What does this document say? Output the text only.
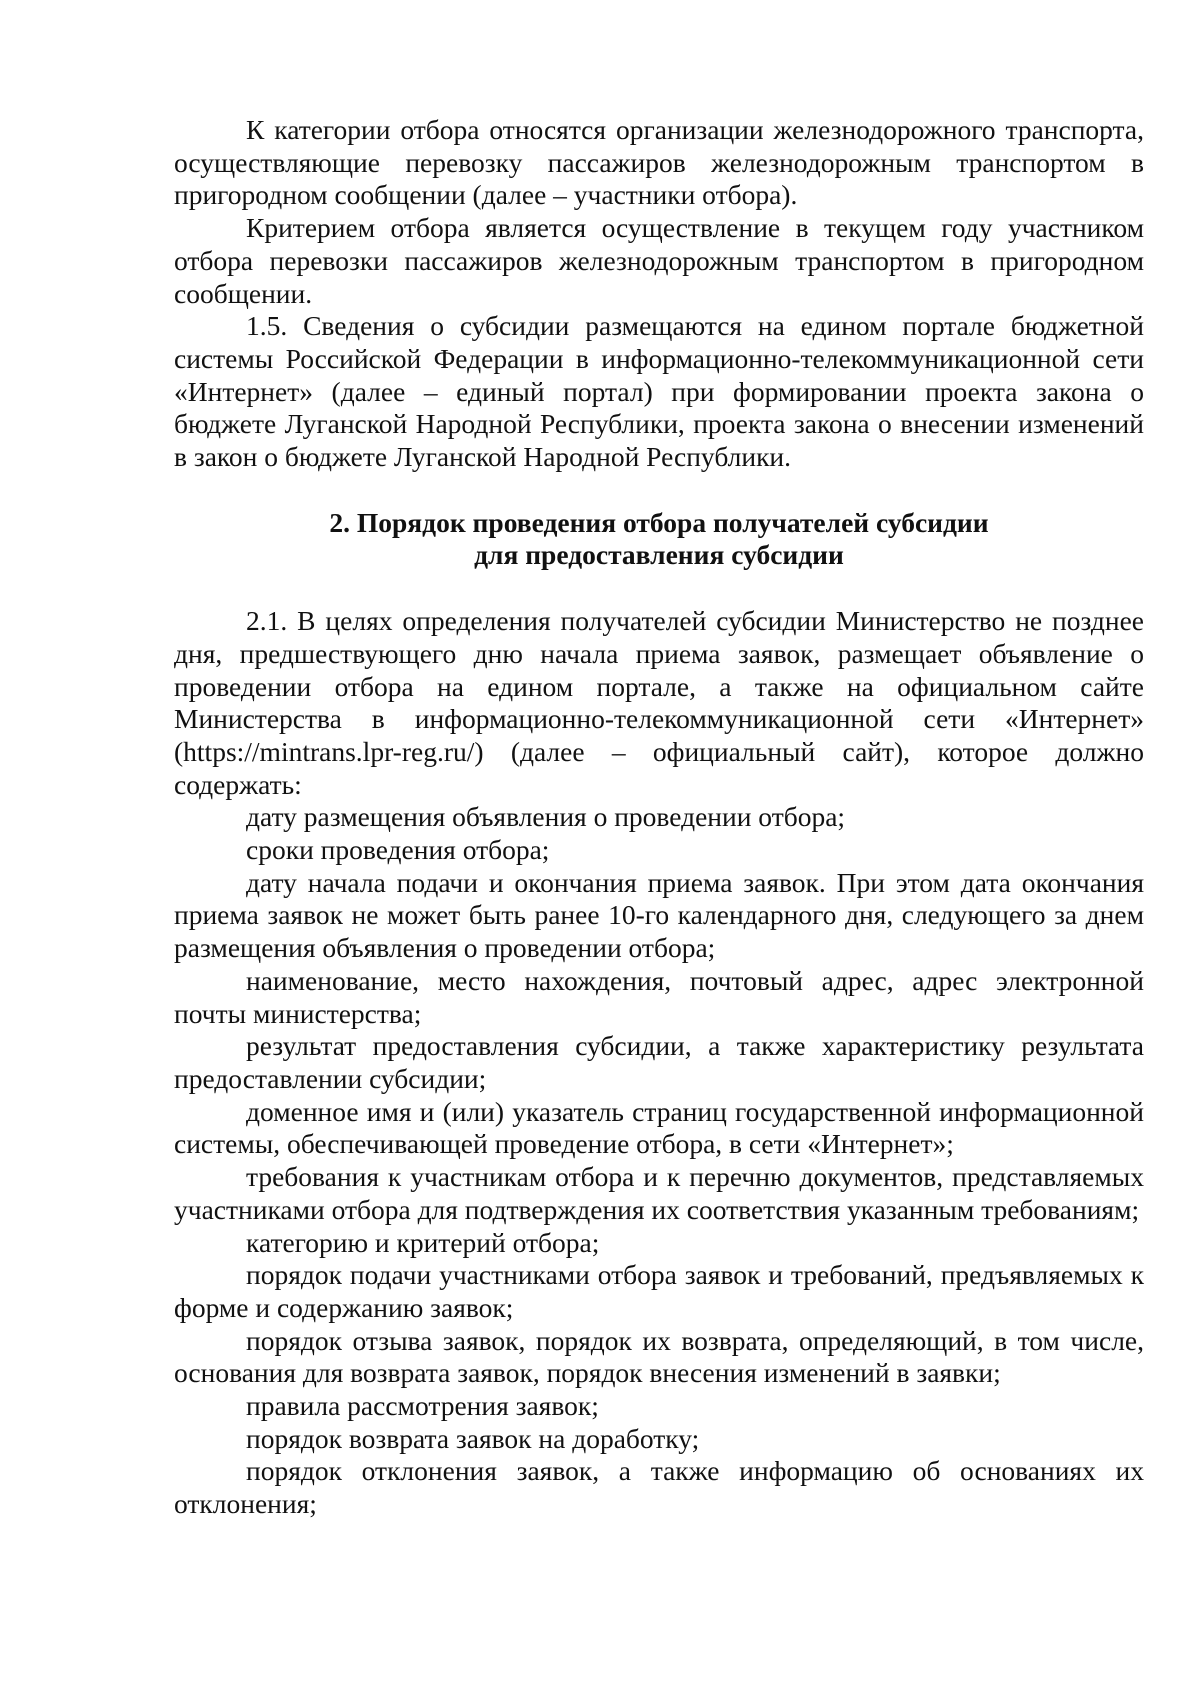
К категории отбора относятся организации железнодорожного транспорта, осуществляющие перевозку пассажиров железнодорожным транспортом в пригородном сообщении (далее – участники отбора).

Критерием отбора является осуществление в текущем году участником отбора перевозки пассажиров железнодорожным транспортом в пригородном сообщении.

1.5. Сведения о субсидии размещаются на едином портале бюджетной системы Российской Федерации в информационно-телекоммуникационной сети «Интернет» (далее – единый портал) при формировании проекта закона о бюджете Луганской Народной Республики, проекта закона о внесении изменений в закон о бюджете Луганской Народной Республики.

2. Порядок проведения отбора получателей субсидии
для предоставления субсидии

2.1. В целях определения получателей субсидии Министерство не позднее дня, предшествующего дню начала приема заявок, размещает объявление о проведении отбора на едином портале, а также на официальном сайте Министерства в информационно-телекоммуникационной сети «Интернет» (https://mintrans.lpr-reg.ru/) (далее – официальный сайт), которое должно содержать:

дату размещения объявления о проведении отбора;

сроки проведения отбора;

дату начала подачи и окончания приема заявок. При этом дата окончания приема заявок не может быть ранее 10-го календарного дня, следующего за днем размещения объявления о проведении отбора;

наименование, место нахождения, почтовый адрес, адрес электронной почты министерства;

результат предоставления субсидии, а также характеристику результата предоставлении субсидии;

доменное имя и (или) указатель страниц государственной информационной системы, обеспечивающей проведение отбора, в сети «Интернет»;

требования к участникам отбора и к перечню документов, представляемых участниками отбора для подтверждения их соответствия указанным требованиям;

категорию и критерий отбора;

порядок подачи участниками отбора заявок и требований, предъявляемых к форме и содержанию заявок;

порядок отзыва заявок, порядок их возврата, определяющий, в том числе, основания для возврата заявок, порядок внесения изменений в заявки;

правила рассмотрения заявок;

порядок возврата заявок на доработку;

порядок отклонения заявок, а также информацию об основаниях их отклонения;
